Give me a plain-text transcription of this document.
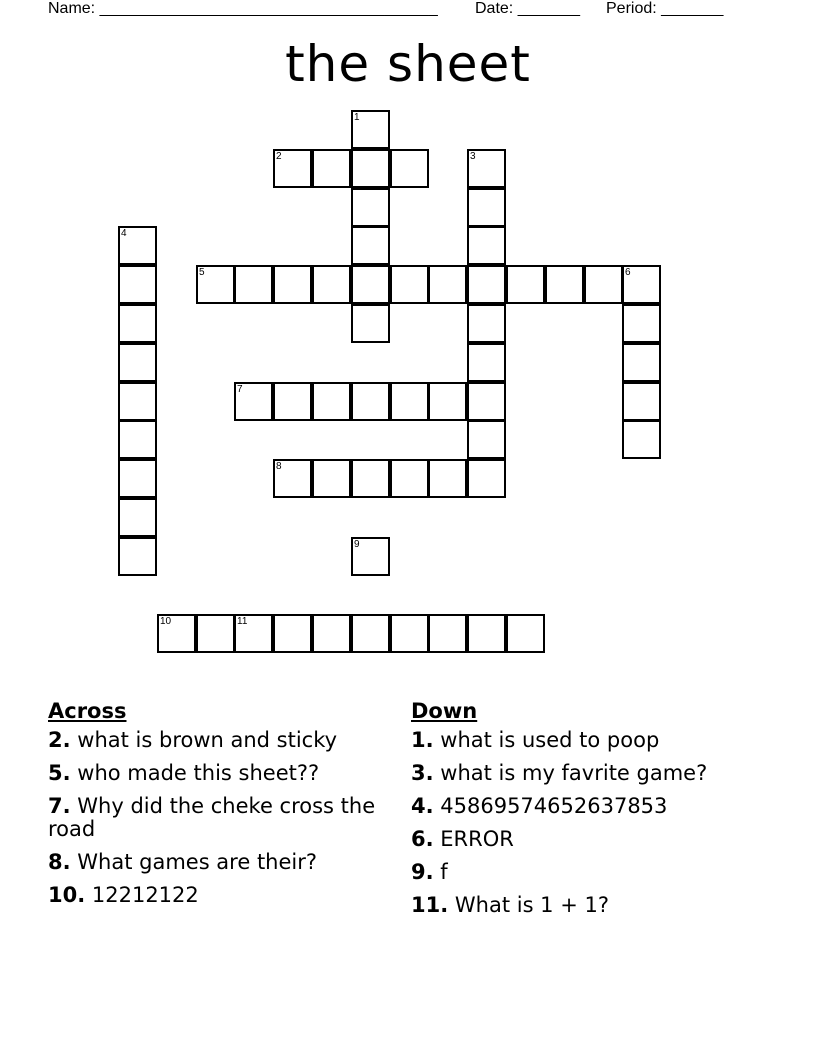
Name: ______________________________________ Date: _______ Period: _______
the sheet
1
2	3
4
5	6
7
8
9
10	11
Across
2. what is brown and sticky
5. who made this sheet??
7. Why did the cheke cross the road
8. What games are their?
10. 12212122
Down
1. what is used to poop
3. what is my favrite game?
4. 45869574652637853
6. ERROR
9. f
11. What is 1 + 1?
